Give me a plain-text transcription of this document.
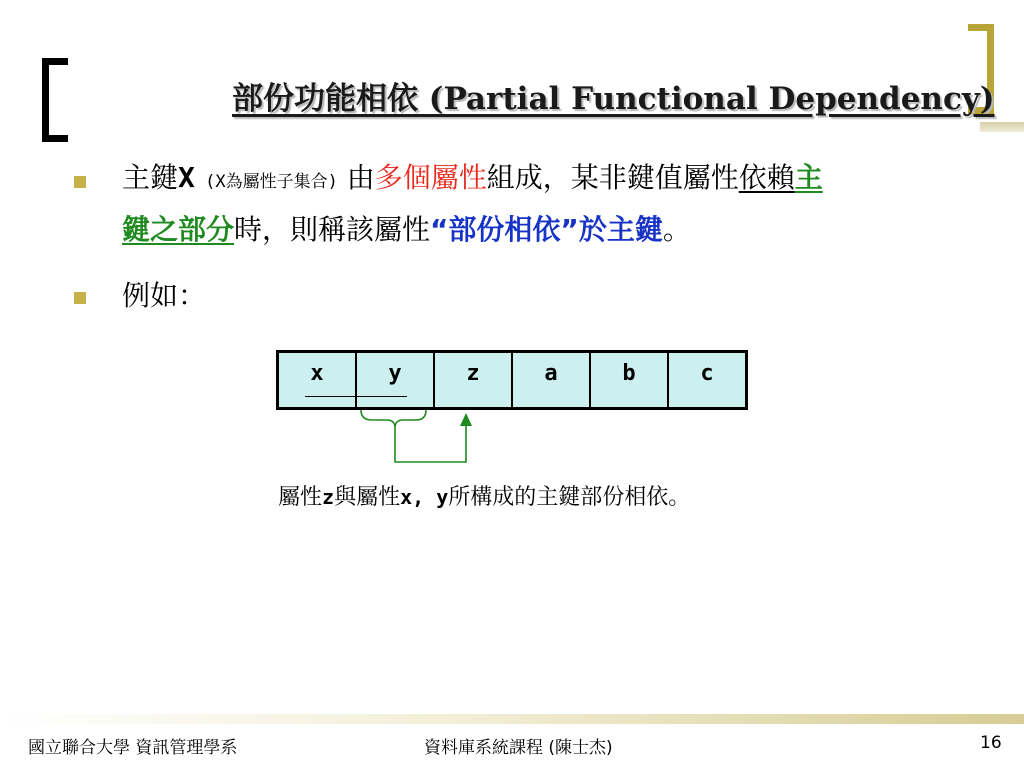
部份功能相依 (Partial Functional Dependency)
主鍵X (X為屬性子集合) 由多個屬性組成，某非鍵值屬性依賴主
鍵之部分時，則稱該屬性“部份相依”於主鍵。
例如：
x	y	z	a	b	c
屬性z與屬性x, y所構成的主鍵部份相依。
國立聯合大學 資訊管理學系	資料庫系統課程 (陳士杰)	16
